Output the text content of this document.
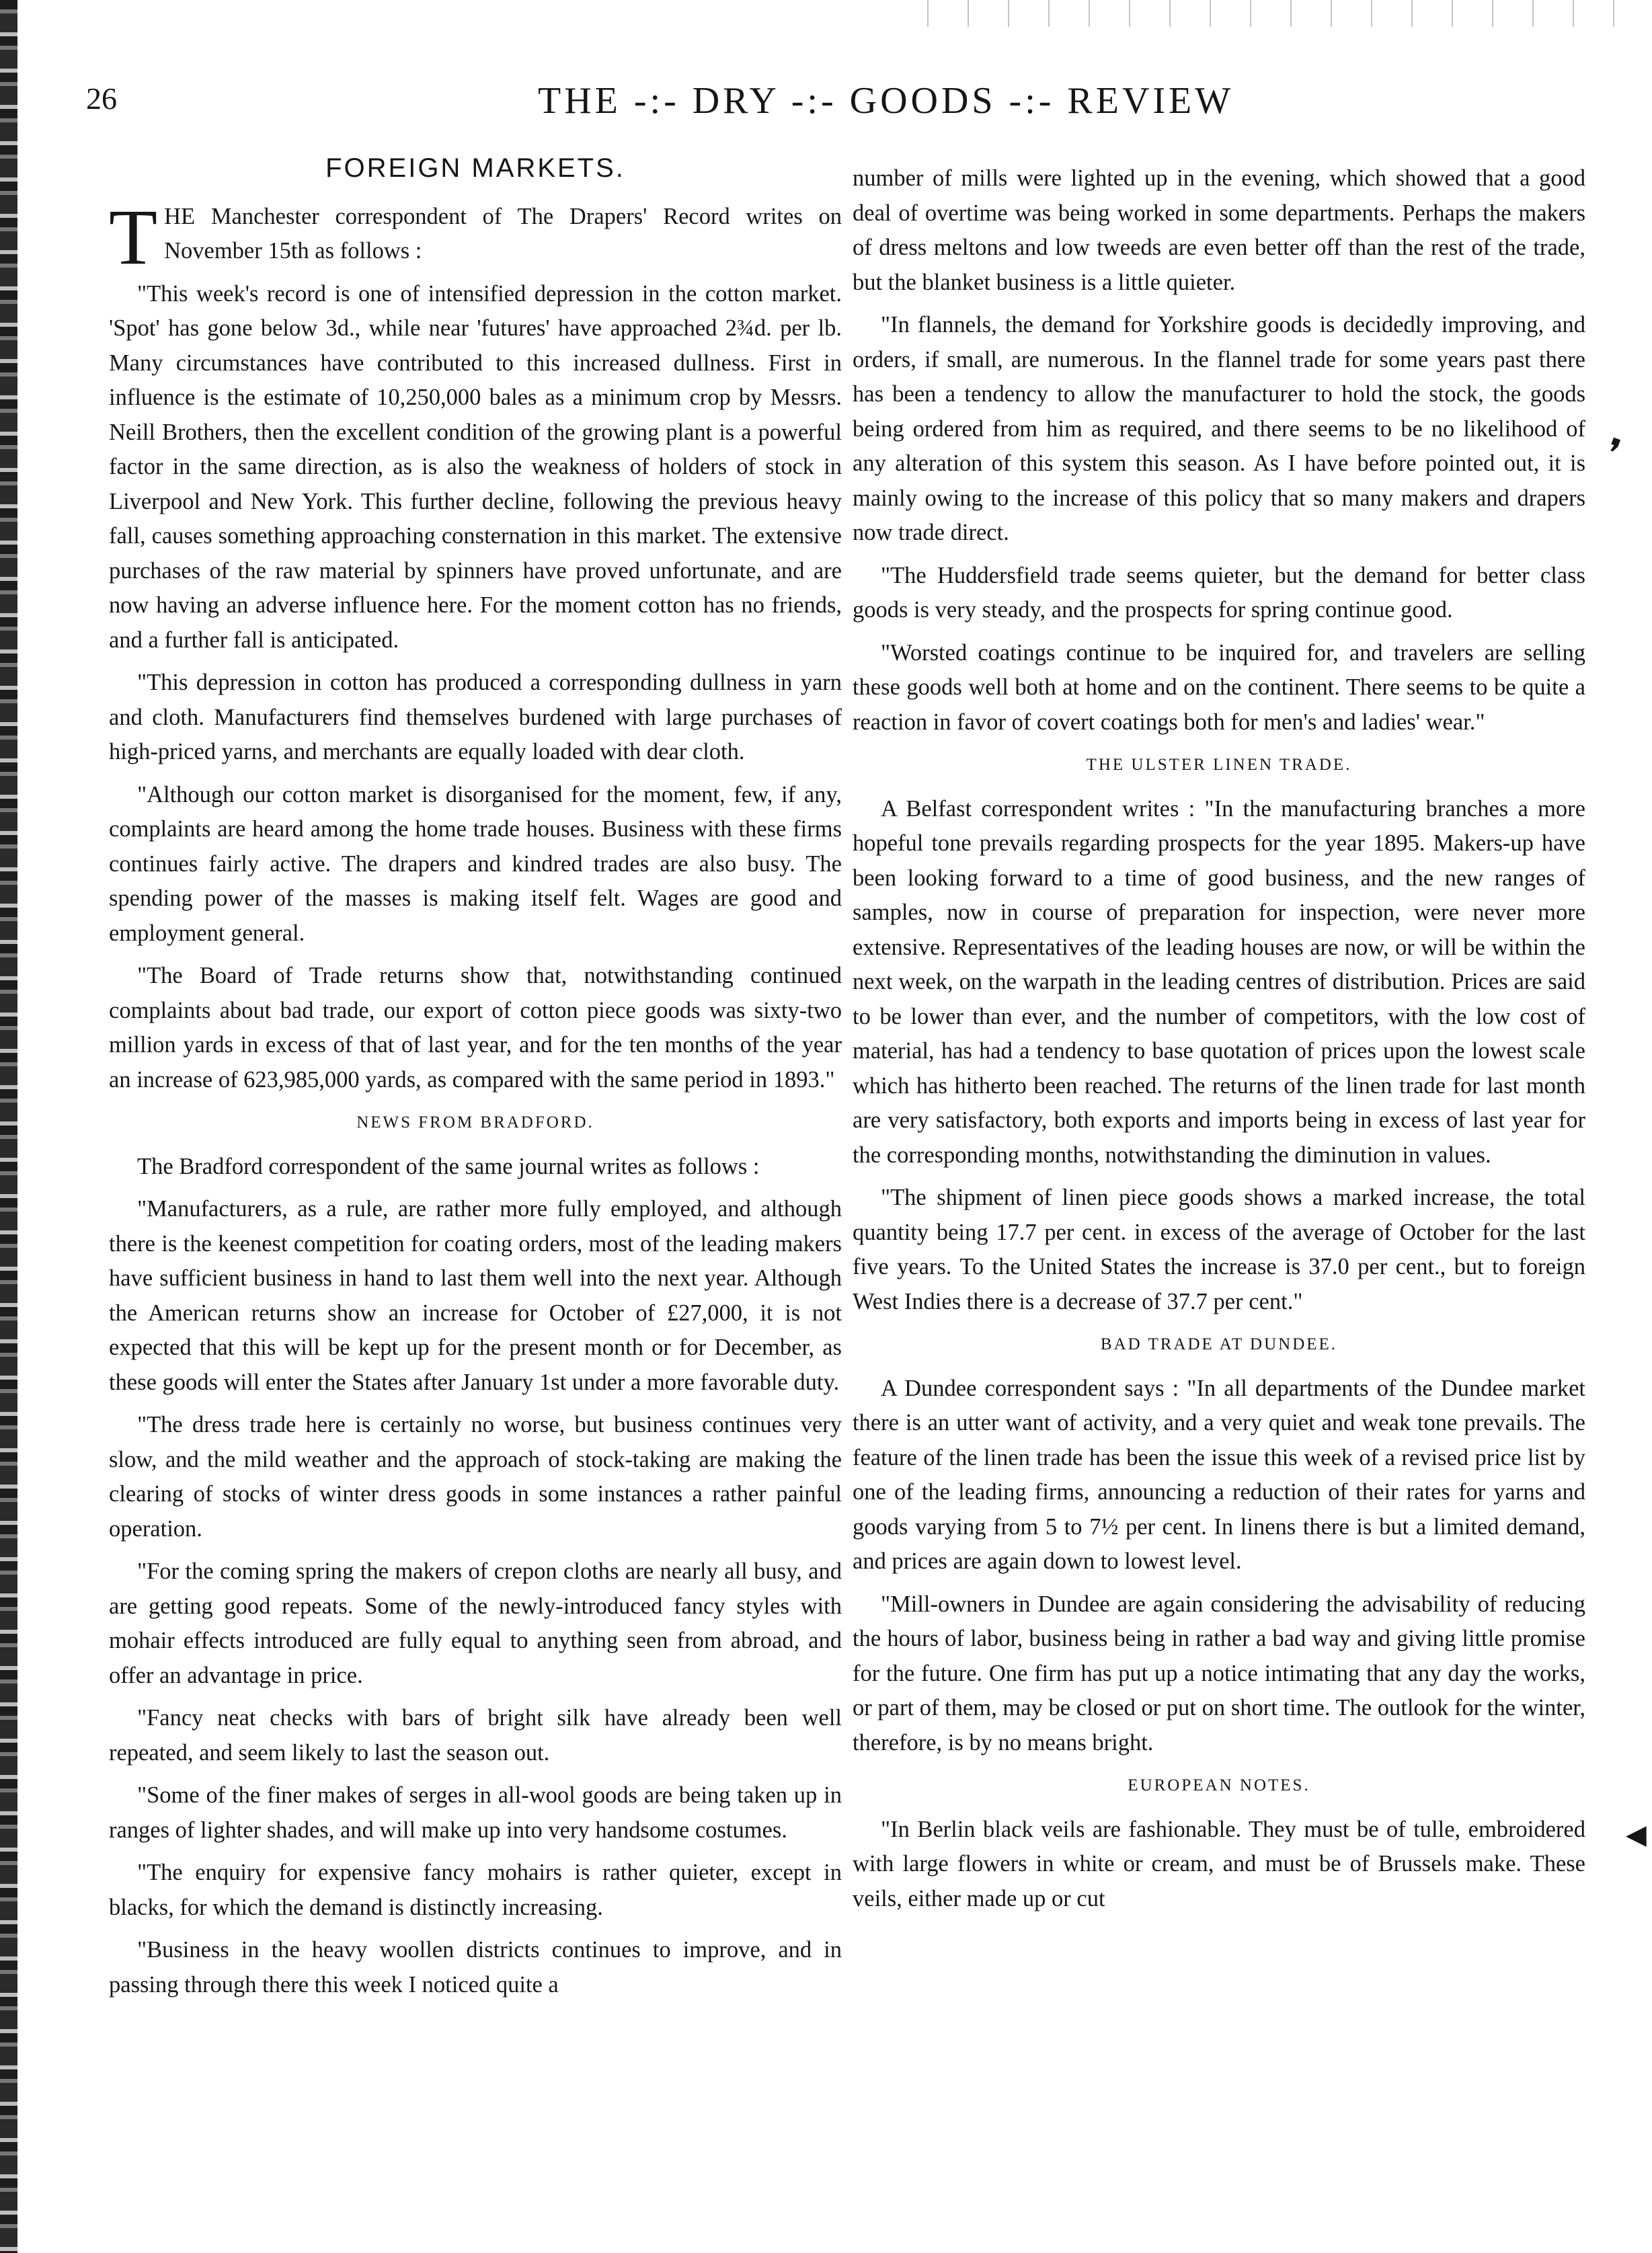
26	THE -:- DRY -:- GOODS -:- REVIEW
FOREIGN MARKETS.

THE Manchester correspondent of The Drapers' Record writes on November 15th as follows :

"This week's record is one of intensified depression in the cotton market. 'Spot' has gone below 3d., while near 'futures' have approached 2¾d. per lb. Many circumstances have contributed to this increased dullness. First in influence is the estimate of 10,250,000 bales as a minimum crop by Messrs. Neill Brothers, then the excellent condition of the growing plant is a powerful factor in the same direction, as is also the weakness of holders of stock in Liverpool and New York. This further decline, following the previous heavy fall, causes something approaching consternation in this market. The extensive purchases of the raw material by spinners have proved unfortunate, and are now having an adverse influence here. For the moment cotton has no friends, and a further fall is anticipated.

"This depression in cotton has produced a corresponding dullness in yarn and cloth. Manufacturers find themselves burdened with large purchases of high-priced yarns, and merchants are equally loaded with dear cloth.

"Although our cotton market is disorganised for the moment, few, if any, complaints are heard among the home trade houses. Business with these firms continues fairly active. The drapers and kindred trades are also busy. The spending power of the masses is making itself felt. Wages are good and employment general.

"The Board of Trade returns show that, notwithstanding continued complaints about bad trade, our export of cotton piece goods was sixty-two million yards in excess of that of last year, and for the ten months of the year an increase of 623,985,000 yards, as compared with the same period in 1893."

NEWS FROM BRADFORD.

The Bradford correspondent of the same journal writes as follows :

"Manufacturers, as a rule, are rather more fully employed, and although there is the keenest competition for coating orders, most of the leading makers have sufficient business in hand to last them well into the next year. Although the American returns show an increase for October of £27,000, it is not expected that this will be kept up for the present month or for December, as these goods will enter the States after January 1st under a more favorable duty.

"The dress trade here is certainly no worse, but business continues very slow, and the mild weather and the approach of stock-taking are making the clearing of stocks of winter dress goods in some instances a rather painful operation.

"For the coming spring the makers of crepon cloths are nearly all busy, and are getting good repeats. Some of the newly-introduced fancy styles with mohair effects introduced are fully equal to anything seen from abroad, and offer an advantage in price.

"Fancy neat checks with bars of bright silk have already been well repeated, and seem likely to last the season out.

"Some of the finer makes of serges in all-wool goods are being taken up in ranges of lighter shades, and will make up into very handsome costumes.

"The enquiry for expensive fancy mohairs is rather quieter, except in blacks, for which the demand is distinctly increasing.

"Business in the heavy woollen districts continues to improve, and in passing through there this week I noticed quite a

number of mills were lighted up in the evening, which showed that a good deal of overtime was being worked in some departments. Perhaps the makers of dress meltons and low tweeds are even better off than the rest of the trade, but the blanket business is a little quieter.

"In flannels, the demand for Yorkshire goods is decidedly improving, and orders, if small, are numerous. In the flannel trade for some years past there has been a tendency to allow the manufacturer to hold the stock, the goods being ordered from him as required, and there seems to be no likelihood of any alteration of this system this season. As I have before pointed out, it is mainly owing to the increase of this policy that so many makers and drapers now trade direct.

"The Huddersfield trade seems quieter, but the demand for better class goods is very steady, and the prospects for spring continue good.

"Worsted coatings continue to be inquired for, and travelers are selling these goods well both at home and on the continent. There seems to be quite a reaction in favor of covert coatings both for men's and ladies' wear."

THE ULSTER LINEN TRADE.

A Belfast correspondent writes : "In the manufacturing branches a more hopeful tone prevails regarding prospects for the year 1895. Makers-up have been looking forward to a time of good business, and the new ranges of samples, now in course of preparation for inspection, were never more extensive. Representatives of the leading houses are now, or will be within the next week, on the warpath in the leading centres of distribution. Prices are said to be lower than ever, and the number of competitors, with the low cost of material, has had a tendency to base quotation of prices upon the lowest scale which has hitherto been reached. The returns of the linen trade for last month are very satisfactory, both exports and imports being in excess of last year for the corresponding months, notwithstanding the diminution in values.

"The shipment of linen piece goods shows a marked increase, the total quantity being 17.7 per cent. in excess of the average of October for the last five years. To the United States the increase is 37.0 per cent., but to foreign West Indies there is a decrease of 37.7 per cent."

BAD TRADE AT DUNDEE.

A Dundee correspondent says : "In all departments of the Dundee market there is an utter want of activity, and a very quiet and weak tone prevails. The feature of the linen trade has been the issue this week of a revised price list by one of the leading firms, announcing a reduction of their rates for yarns and goods varying from 5 to 7½ per cent. In linens there is but a limited demand, and prices are again down to lowest level.

"Mill-owners in Dundee are again considering the advisability of reducing the hours of labor, business being in rather a bad way and giving little promise for the future. One firm has put up a notice intimating that any day the works, or part of them, may be closed or put on short time. The outlook for the winter, therefore, is by no means bright.

EUROPEAN NOTES.

"In Berlin black veils are fashionable. They must be of tulle, embroidered with large flowers in white or cream, and must be of Brussels make. These veils, either made up or cut

❜
◀
